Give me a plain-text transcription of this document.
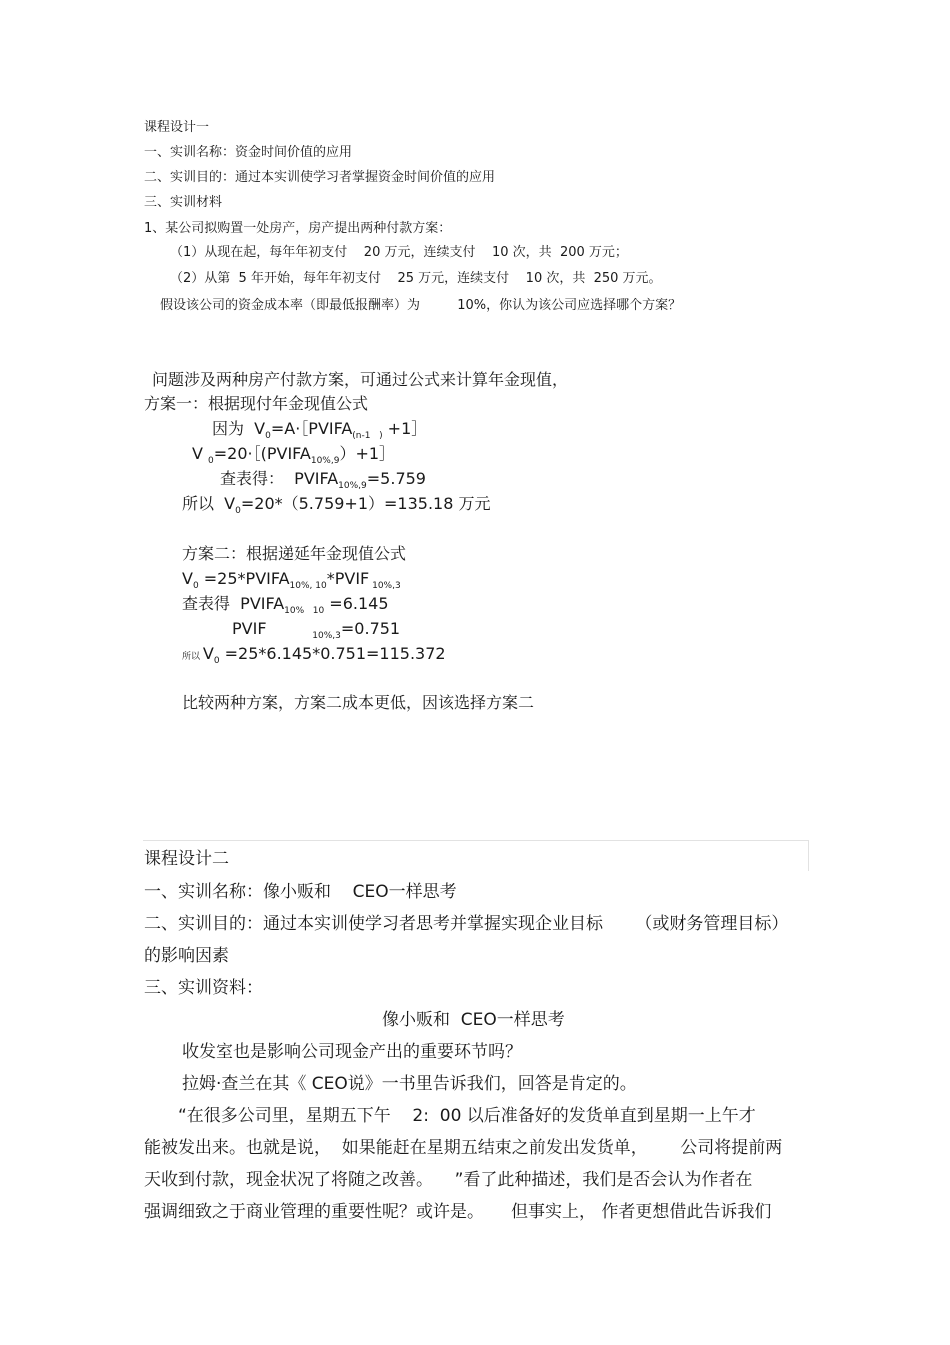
课程设计一
一、实训名称：资金时间价值的应用
二、实训目的：通过本实训使学习者掌握资金时间价值的应用
三、实训材料
1、某公司拟购置一处房产，房产提出两种付款方案：
（1）从现在起，每年年初支付    20 万元，连续支付    10 次，共  200 万元；
（2）从第  5 年开始，每年年初支付    25 万元，连续支付    10 次，共  250 万元。
假设该公司的资金成本率（即最低报酬率）为         10%，你认为该公司应选择哪个方案？
问题涉及两种房产付款方案，可通过公式来计算年金现值，
方案一：根据现付年金现值公式
因为  $V_0=A\cdot[PVIFA_{(n-1 )}$ +1］
V $_0=20\cdot[(PVIFA_{10\%,9})+1]$
查表得：  $PVIFA_{10\%,9}=5.759$
所以  $V_0=20*(5.759+1)=135.18$ 万元
方案二：根据递延年金现值公式
$V_0$ $=25*PVIFA_{10\%, 10}*PVIF$ $_{10\%,3}$
查表得  $PVIFA_{10\% 10} =6.145$
PVIF         $_{10\%,3}$=0.751
所以 $V_0 =25*6.145*0.751=115.372$
比较两种方案，方案二成本更低，因该选择方案二
课程设计二
一、实训名称：像小贩和    CEO一样思考
二、实训目的：通过本实训使学习者思考并掌握实现企业目标      （或财务管理目标）
的影响因素
三、实训资料：
像小贩和  CEO一样思考
收发室也是影响公司现金产出的重要环节吗？
拉姆·查兰在其《 CEO说》一书里告诉我们，回答是肯定的。
“在很多公司里，星期五下午    2:  00 以后准备好的发货单直到星期一上午才
能被发出来。也就是说，  如果能赶在星期五结束之前发出发货单，      公司将提前两
天收到付款，现金状况了将随之改善。    ”看了此种描述，我们是否会认为作者在
强调细致之于商业管理的重要性呢？或许是。     但事实上， 作者更想借此告诉我们
